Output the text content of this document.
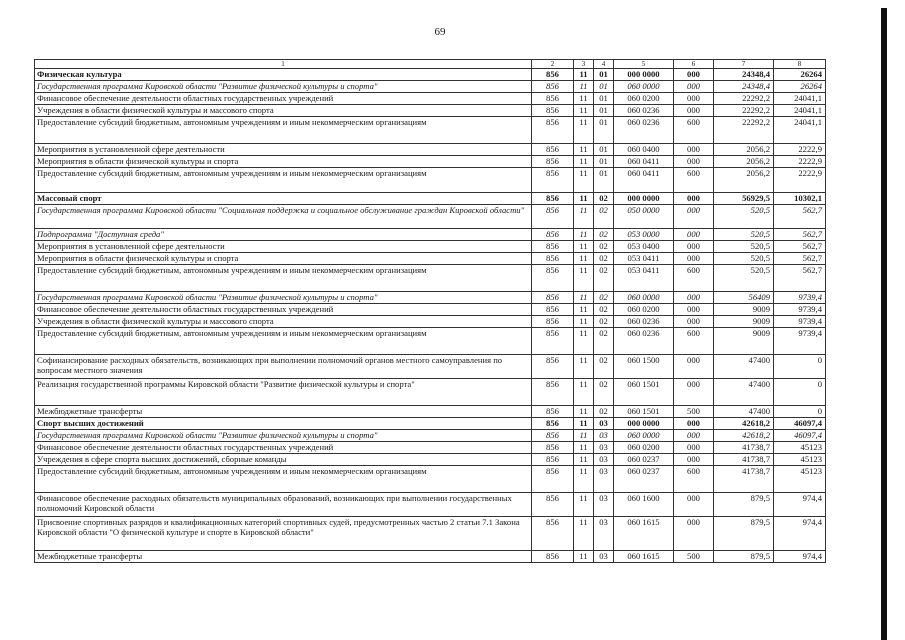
69
1	2	3	4	5	6	7	8
Физическая культура	856	11	01	000 0000	000	24348,4	26264
Государственная программа Кировской области "Развитие физической культуры и спорта"	856	11	01	060 0000	000	24348,4	26264
Финансовое обеспечение деятельности областных государственных учреждений	856	11	01	060 0200	000	22292,2	24041,1
Учреждения в области физической культуры и массового спорта	856	11	01	060 0236	000	22292,2	24041,1
Предоставление субсидий бюджетным, автономным учреждениям и иным некоммерческим организациям	856	11	01	060 0236	600	22292,2	24041,1
Мероприятия в установленной сфере деятельности	856	11	01	060 0400	000	2056,2	2222,9
Мероприятия в области физической культуры и спорта	856	11	01	060 0411	000	2056,2	2222,9
Предоставление субсидий бюджетным, автономным учреждениям и иным некоммерческим организациям	856	11	01	060 0411	600	2056,2	2222,9
Массовый спорт	856	11	02	000 0000	000	56929,5	10302,1
Государственная программа Кировской области "Социальная поддержка и социальное обслуживание граждан Кировской области"	856	11	02	050 0000	000	520,5	562,7
Подпрограмма "Доступная среда"	856	11	02	053 0000	000	520,5	562,7
Мероприятия в установленной сфере деятельности	856	11	02	053 0400	000	520,5	562,7
Мероприятия в области физической культуры и спорта	856	11	02	053 0411	000	520,5	562,7
Предоставление субсидий бюджетным, автономным учреждениям и иным некоммерческим организациям	856	11	02	053 0411	600	520,5	562,7
Государственная программа Кировской области "Развитие физической культуры и спорта"	856	11	02	060 0000	000	56409	9739,4
Финансовое обеспечение деятельности областных государственных учреждений	856	11	02	060 0200	000	9009	9739,4
Учреждения в области физической культуры и массового спорта	856	11	02	060 0236	000	9009	9739,4
Предоставление субсидий бюджетным, автономным учреждениям и иным некоммерческим организациям	856	11	02	060 0236	600	9009	9739,4
Софинансирование расходных обязательств, возникающих при выполнении полномочий органов местного самоуправления по вопросам местного значения	856	11	02	060 1500	000	47400	0
Реализация государственной программы Кировской области "Развитие физической культуры и спорта"	856	11	02	060 1501	000	47400	0
Межбюджетные трансферты	856	11	02	060 1501	500	47400	0
Спорт высших достижений	856	11	03	000 0000	000	42618,2	46097,4
Государственная программа Кировской области "Развитие физической культуры и спорта"	856	11	03	060 0000	000	42618,2	46097,4
Финансовое обеспечение деятельности областных государственных учреждений	856	11	03	060 0200	000	41738,7	45123
Учреждения в сфере спорта высших достижений, сборные команды	856	11	03	060 0237	000	41738,7	45123
Предоставление субсидий бюджетным, автономным учреждениям и иным некоммерческим организациям	856	11	03	060 0237	600	41738,7	45123
Финансовое обеспечение расходных обязательств муниципальных образований, возникающих при выполнении государственных полномочий Кировской области	856	11	03	060 1600	000	879,5	974,4
Присвоение спортивных разрядов и квалификационных категорий спортивных судей, предусмотренных частью 2 статьи 7.1 Закона Кировской области "О физической культуре и спорте в Кировской области"	856	11	03	060 1615	000	879,5	974,4
Межбюджетные трансферты	856	11	03	060 1615	500	879,5	974,4
